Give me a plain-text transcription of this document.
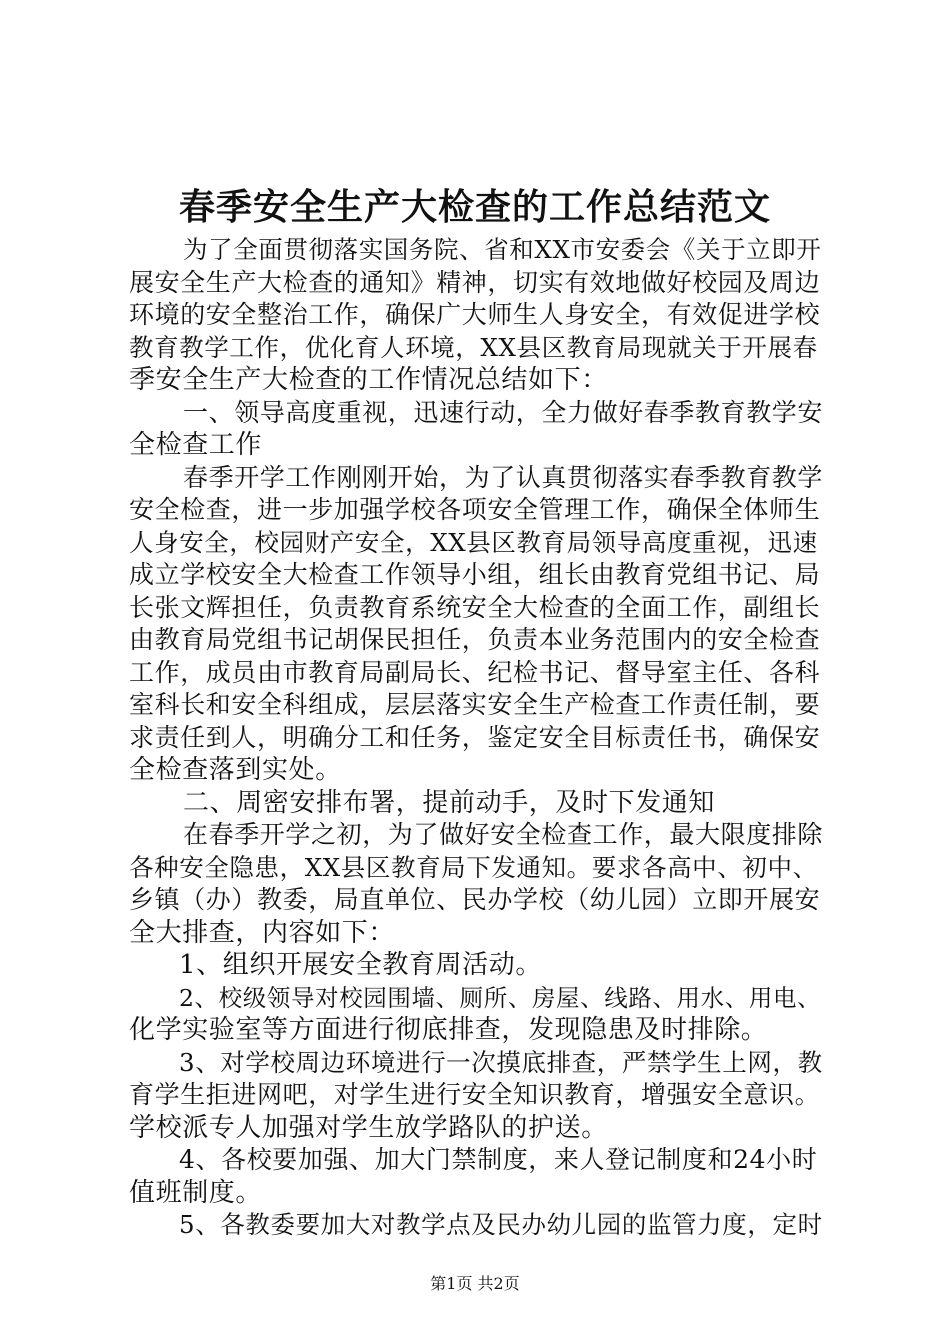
春季安全生产大检查的工作总结范文
为了全面贯彻落实国务院、省和XX市安委会《关于立即开
展安全生产大检查的通知》精神，切实有效地做好校园及周边
环境的安全整治工作，确保广大师生人身安全，有效促进学校
教育教学工作，优化育人环境，XX县区教育局现就关于开展春
季安全生产大检查的工作情况总结如下：
一、领导高度重视，迅速行动，全力做好春季教育教学安
全检查工作
春季开学工作刚刚开始，为了认真贯彻落实春季教育教学
安全检查，进一步加强学校各项安全管理工作，确保全体师生
人身安全，校园财产安全，XX县区教育局领导高度重视，迅速
成立学校安全大检查工作领导小组，组长由教育党组书记、局
长张文辉担任，负责教育系统安全大检查的全面工作，副组长
由教育局党组书记胡保民担任，负责本业务范围内的安全检查
工作，成员由市教育局副局长、纪检书记、督导室主任、各科
室科长和安全科组成，层层落实安全生产检查工作责任制，要
求责任到人，明确分工和任务，鉴定安全目标责任书，确保安
全检查落到实处。
二、周密安排布署，提前动手，及时下发通知
在春季开学之初，为了做好安全检查工作，最大限度排除
各种安全隐患，XX县区教育局下发通知。要求各高中、初中、
乡镇（办）教委，局直单位、民办学校（幼儿园）立即开展安
全大排查，内容如下：
1、组织开展安全教育周活动。
2、校级领导对校园围墙、厕所、房屋、线路、用水、用电、
化学实验室等方面进行彻底排查，发现隐患及时排除。
3、对学校周边环境进行一次摸底排查，严禁学生上网，教
育学生拒进网吧，对学生进行安全知识教育，增强安全意识。
学校派专人加强对学生放学路队的护送。
4、各校要加强、加大门禁制度，来人登记制度和24小时
值班制度。
5、各教委要加大对教学点及民办幼儿园的监管力度，定时
第1页 共2页
